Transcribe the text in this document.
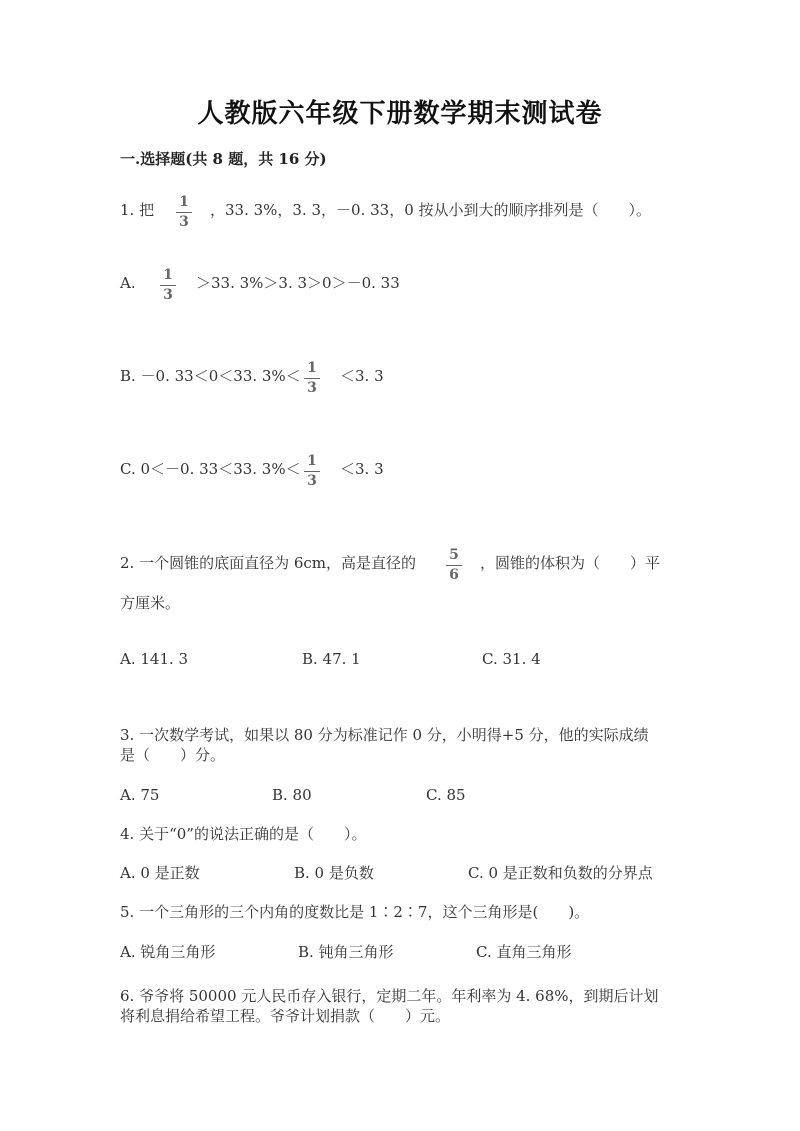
人教版六年级下册数学期末测试卷
一.选择题(共 8 题，共 16 分)
1. 把 1
3
，33. 3%，3. 3，－0. 33，0 按从小到大的顺序排列是（　　）。
A. 1
3
＞33. 3%＞3. 3＞0＞－0. 33
B. －0. 33＜0＜33. 3%＜ 1
3
＜3. 3
C. 0＜－0. 33＜33. 3%＜ 1
3
＜3. 3
2. 一个圆锥的底面直径为 6cm，高是直径的 5
6
，圆锥的体积为（　　）平
方厘米。
A. 141. 3	B. 47. 1	C. 31. 4
3. 一次数学考试，如果以 80 分为标准记作 0 分，小明得+5 分，他的实际成绩
是（　　）分。
A. 75	B. 80	C. 85
4. 关于“0”的说法正确的是（　　）。
A. 0 是正数	B. 0 是负数	C. 0 是正数和负数的分界点
5. 一个三角形的三个内角的度数比是 1∶2∶7，这个三角形是(　　)。
A. 锐角三角形	B. 钝角三角形	C. 直角三角形
6. 爷爷将 50000 元人民币存入银行，定期二年。年利率为 4. 68%，到期后计划
将利息捐给希望工程。爷爷计划捐款（　　）元。
